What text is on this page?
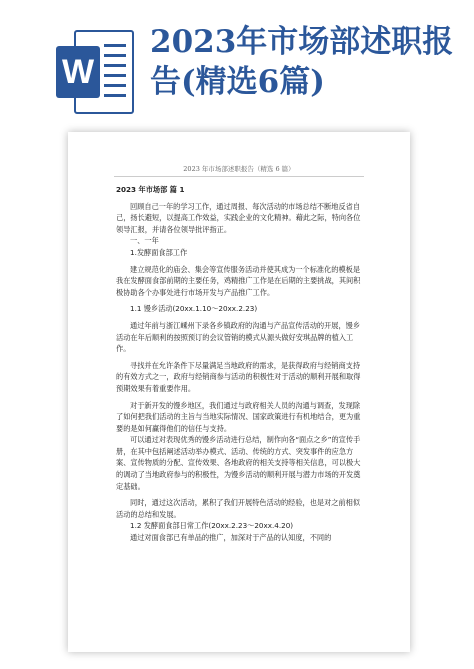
W
2023年市场部述职报告(精选6篇)
2023 年市场部述职报告（精选 6 篇）

2023 年市场部 篇 1

回顾自己一年的学习工作，通过周报、每次活动的市场总结不断地反省自己，扬长避短，以提高工作效益，实践企业的文化精神。藉此之际，特向各位领导汇报，并请各位领导批评指正。

一、一年

1.发酵面食部工作

建立规范化的庙会、集会等宣传服务活动并使其成为一个标准化的模板是我在发酵面食部前期的主要任务，鸡精推广工作是在后期的主要挑战，其间积极协助各个办事处进行市场开发与产品推广工作。

1.1 馒乡活动(20xx.1.10～20xx.2.23)

通过年前与浙江嵊州下录各乡镇政府的沟通与产品宣传活动的开展，馒乡活动在年后顺利的按照预订的会议管销的模式从源头做好安琪品牌的植入工作。

寻找并在允许条件下尽量满足当地政府的需求，是获得政府与经销商支持的有效方式之一，政府与经销商参与活动的积极性对于活动的顺利开展和取得预期效果有着重要作用。

对于新开发的馒乡地区，我们通过与政府相关人员的沟通与调查，发现除了如何把我们活动的主旨与当地实际情况、国家政策进行有机地结合，更为重要的是如何赢得他们的信任与支持。

可以通过对表现优秀的馒乡活动进行总结，制作向各“面点之乡”的宣传手册，在其中包括阐述活动举办模式、活动、传统的方式、突发事件的应急方案、宣传物质的分配、宣传效果、各地政府的相关支持等相关信息，可以极大的调动了当地政府参与的积极性，为馒乡活动的顺利开展与潜力市场的开发奠定基础。

同时，通过这次活动，累积了我们开展特色活动的经验，也是对之前相似活动的总结和发展。

1.2 发酵面食部日常工作(20xx.2.23～20xx.4.20)

通过对面食部已有单品的推广，加深对于产品的认知度，不同的
